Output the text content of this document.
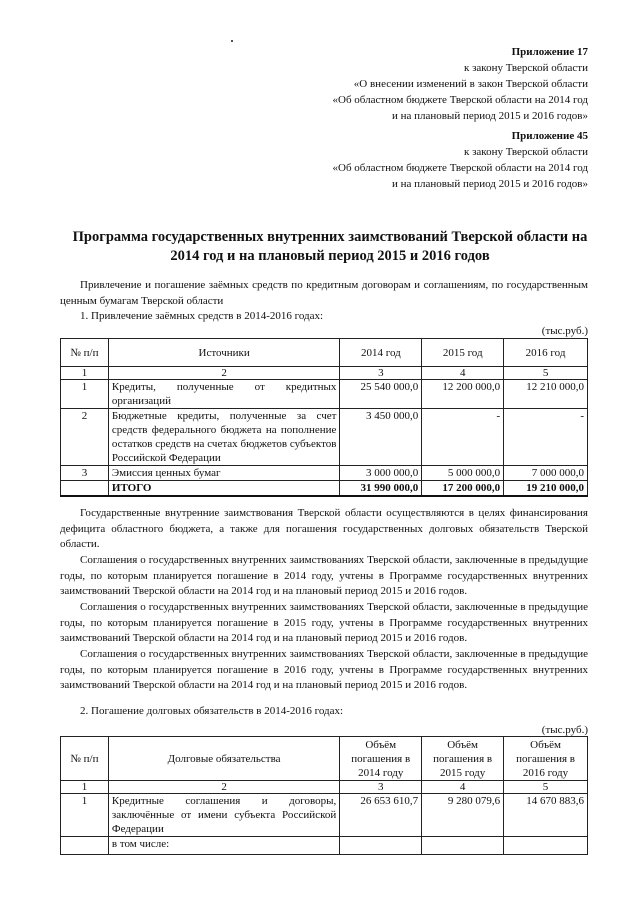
Приложение 17
к закону Тверской области
«О внесении изменений в закон Тверской области
«Об областном бюджете Тверской области на 2014 год
и на плановый период 2015 и 2016 годов»
Приложение 45
к закону Тверской области
«Об областном бюджете Тверской области на 2014 год
и на плановый период 2015 и 2016 годов»
Программа государственных внутренних заимствований Тверской области на 2014 год и на плановый период 2015 и 2016 годов
Привлечение и погашение заёмных средств по кредитным договорам и соглашениям, по государственным ценным бумагам Тверской области
1. Привлечение заёмных средств в 2014-2016 годах:
(тыс.руб.)
№ п/п	Источники	2014 год	2015 год	2016 год
1	2	3	4	5
1	Кредиты, полученные от кредитных организаций	25 540 000,0	12 200 000,0	12 210 000,0
2	Бюджетные кредиты, полученные за счет средств федерального бюджета на пополнение остатков средств на счетах бюджетов субъектов Российской Федерации	3 450 000,0	-	-
3	Эмиссия ценных бумаг	3 000 000,0	5 000 000,0	7 000 000,0
	ИТОГО	31 990 000,0	17 200 000,0	19 210 000,0
Государственные внутренние заимствования Тверской области осуществляются в целях финансирования дефицита областного бюджета, а также для погашения государственных долговых обязательств Тверской области.
Соглашения о государственных внутренних заимствованиях Тверской области, заключенные в предыдущие годы, по которым планируется погашение в 2014 году, учтены в Программе государственных внутренних заимствований Тверской области на 2014 год и на плановый период 2015 и 2016 годов.
Соглашения о государственных внутренних заимствованиях Тверской области, заключенные в предыдущие годы, по которым планируется погашение в 2015 году, учтены в Программе государственных внутренних заимствований Тверской области на 2014 год и на плановый период 2015 и 2016 годов.
Соглашения о государственных внутренних заимствованиях Тверской области, заключенные в предыдущие годы, по которым планируется погашение в 2016 году, учтены в Программе государственных внутренних заимствований Тверской области на 2014 год и на плановый период 2015 и 2016 годов.
2. Погашение долговых обязательств в 2014-2016 годах:
(тыс.руб.)
№ п/п	Долговые обязательства	Объём погашения в 2014 году	Объём погашения в 2015 году	Объём погашения в 2016 году
1	2	3	4	5
1	Кредитные соглашения и договоры, заключённые от имени субъекта Российской Федерации	26 653 610,7	9 280 079,6	14 670 883,6
	в том числе:			
